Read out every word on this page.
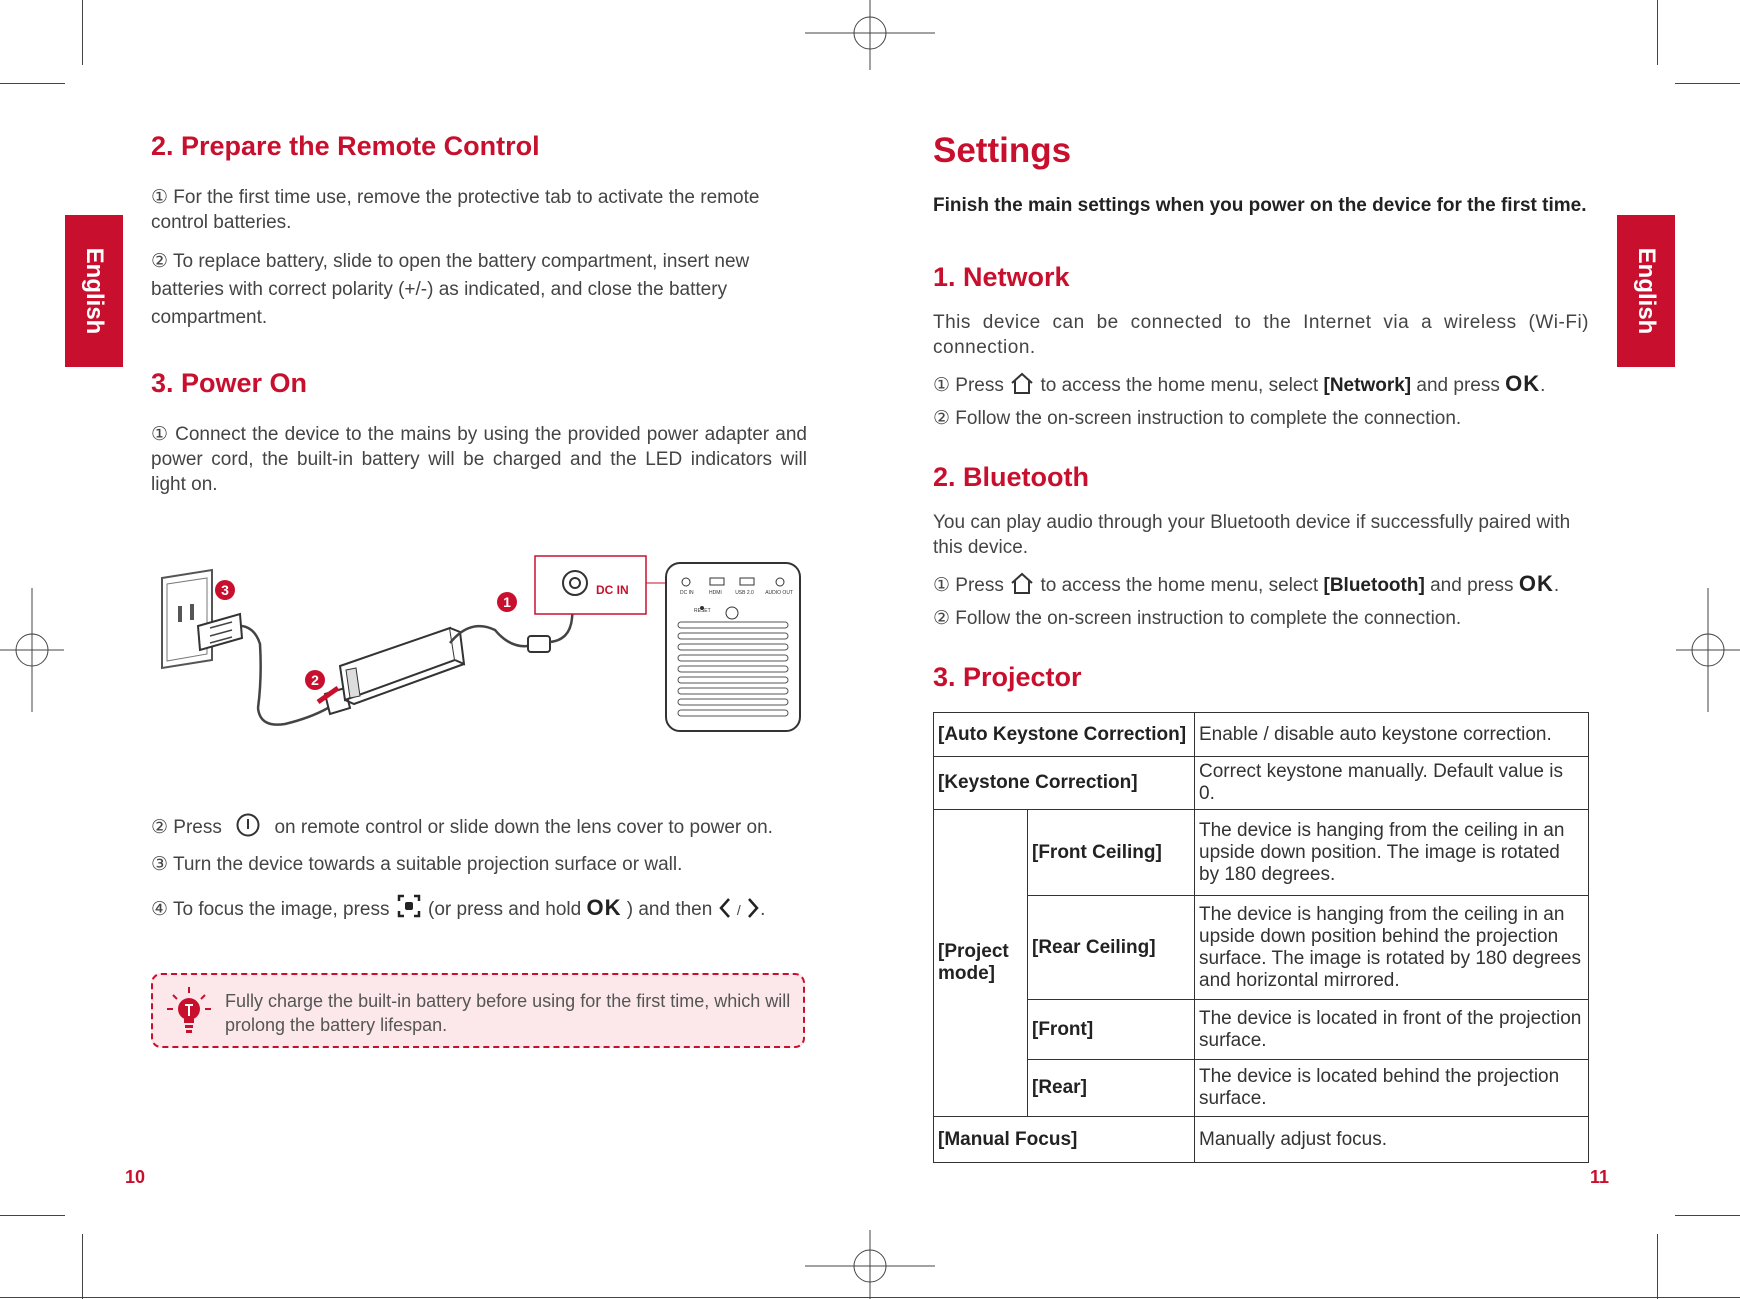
English	English
2. Prepare the Remote Control

① For the first time use, remove the protective tab to activate the remote control batteries.

② To replace battery, slide to open the battery compartment, insert new batteries with correct polarity (+/-) as indicated, and close the battery compartment.

3. Power On

① Connect the device to the mains by using the provided power adapter and power cord, the built-in battery will be charged and the LED indicators will light on.

DC IN	DC IN	HDMI	USB 2.0 AUDIO OUT
RESET
1
2
3

② Press	on remote control or slide down the lens cover to power on.

③ Turn the device towards a suitable projection surface or wall.

④ To focus the image, press (or press and hold OK ) and then / .

Fully charge the built-in battery before using for the first time, which will prolong the battery lifespan.

10
Settings

Finish the main settings when you power on the device for the first time.

1. Network

This device can be connected to the Internet via a wireless (Wi-Fi) connection.

① Press to access the home menu, select [Network] and press OK.

② Follow the on-screen instruction to complete the connection.

2. Bluetooth

You can play audio through your Bluetooth device if successfully paired with this device.

① Press to access the home menu, select [Bluetooth] and press OK.

② Follow the on-screen instruction to complete the connection.

3. Projector
[Auto Keystone Correction]		Enable / disable auto keystone correction.
[Keystone Correction]		Correct keystone manually. Default value is 0.
[Project mode]	[Front Ceiling]	The device is hanging from the ceiling in an upside down position. The image is rotated by 180 degrees.
	[Rear Ceiling]	The device is hanging from the ceiling in an upside down position behind the projection surface. The image is rotated by 180 degrees and horizontal mirrored.
	[Front]	The device is located in front of the projection surface.
	[Rear]	The device is located behind the projection surface.
[Manual Focus]		Manually adjust focus.
11
